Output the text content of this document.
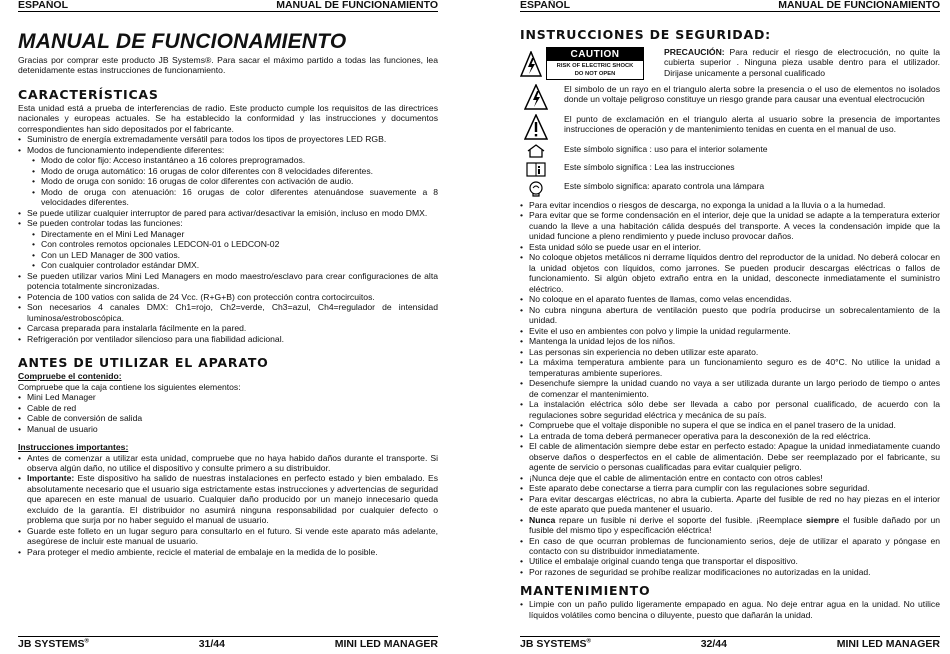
ESPAÑOL	MANUAL DE FUNCIONAMIENTO
MANUAL DE FUNCIONAMIENTO

Gracias por comprar este producto JB Systems®. Para sacar el máximo partido a todas las funciones, lea detenidamente estas instrucciones de funcionamiento.

CARACTERÍSTICAS

Esta unidad está a prueba de interferencias de radio. Este producto cumple los requisitos de las directrices nacionales y europeas actuales. Se ha establecido la conformidad y las instrucciones y documentos correspondientes han sido depositados por el fabricante.

• Suministro de energía extremadamente versátil para todos los tipos de proyectores LED RGB.
• Modos de funcionamiento independiente diferentes:
• Modo de color fijo: Acceso instantáneo a 16 colores preprogramados.
• Modo de oruga automático: 16 orugas de color diferentes con 8 velocidades diferentes.
• Modo de oruga con sonido: 16 orugas de color diferentes con activación de audio.
• Modo de oruga con atenuación: 16 orugas de color diferentes atenuándose suavemente a 8 velocidades diferentes.
• Se puede utilizar cualquier interruptor de pared para activar/desactivar la emisión, incluso en modo DMX.
• Se pueden controlar todas las funciones:
• Directamente en el Mini Led Manager
• Con controles remotos opcionales LEDCON-01 o LEDCON-02
• Con un LED Manager de 300 vatios.
• Con cualquier controlador estándar DMX.
• Se pueden utilizar varios Mini Led Managers en modo maestro/esclavo para crear configuraciones de alta potencia totalmente sincronizadas.
• Potencia de 100 vatios con salida de 24 Vcc. (R+G+B) con protección contra cortocircuitos.
• Son necesarios 4 canales DMX: Ch1=rojo, Ch2=verde, Ch3=azul, Ch4=regulador de intensidad luminosa/estroboscópica.
• Carcasa preparada para instalarla fácilmente en la pared.
• Refrigeración por ventilador silencioso para una fiabilidad adicional.
ANTES DE UTILIZAR EL APARATO
Compruebe el contenido:

Compruebe que la caja contiene los siguientes elementos:

• Mini Led Manager
• Cable de red
• Cable de conversión de salida
• Manual de usuario
Instrucciones importantes:
• Antes de comenzar a utilizar esta unidad, compruebe que no haya habido daños durante el transporte. Si observa algún daño, no utilice el dispositivo y consulte primero a su distribuidor.
• Importante: Este dispositivo ha salido de nuestras instalaciones en perfecto estado y bien embalado. Es absolutamente necesario que el usuario siga estrictamente estas instrucciones y advertencias de seguridad que aparecen en este manual de usuario. Cualquier daño producido por un manejo innecesario queda excluido de la garantía. El distribuidor no asumirá ninguna responsabilidad por cualquier defecto o problema que surja por no haber seguido el manual de usuario.
• Guarde este folleto en un lugar seguro para consultarlo en el futuro. Si vende este aparato más adelante, asegúrese de incluir este manual de usuario.
• Para proteger el medio ambiente, recicle el material de embalaje en la medida de lo posible.
JB SYSTEMS®	31/44	MINI LED MANAGER
ESPAÑOL	MANUAL DE FUNCIONAMIENTO
INSTRUCCIONES DE SEGURIDAD:
CAUTION
RISK OF ELECTRIC SHOCK
DO NOT OPEN

PRECAUCIÓN: Para reducir el riesgo de electrocución, no quite la cubierta superior . Ninguna pieza usable dentro para el utilizador. Dirijase unicamente a personal cualificado

El simbolo de un rayo en el triangulo alerta sobre la presencia o el uso de elementos no isolados donde un voltaje peligroso constituye un riesgo grande para causar una eventual electrocución

El punto de exclamación en el triangulo alerta al usuario sobre la presencia de importantes instrucciones de operación y de mantenimiento tenidas en cuenta en el manual de uso.

Este símbolo significa : uso para el interior solamente

Este símbolo significa : Lea las instrucciones

Este símbolo significa: aparato controla una lámpara

• Para evitar incendios o riesgos de descarga, no exponga la unidad a la lluvia o a la humedad.
• Para evitar que se forme condensación en el interior, deje que la unidad se adapte a la temperatura exterior cuando la lleve a una habitación cálida después del transporte. A veces la condensación impide que la unidad funcione a pleno rendimiento y puede incluso provocar daños.
• Esta unidad sólo se puede usar en el interior.
• No coloque objetos metálicos ni derrame líquidos dentro del reproductor de la unidad. No deberá colocar en la unidad objetos con líquidos, como jarrones. Se pueden producir descargas eléctricas o fallos de funcionamiento. Si algún objeto extraño entra en la unidad, desconecte inmediatamente el suministro eléctrico.
• No coloque en el aparato fuentes de llamas, como velas encendidas.
• No cubra ninguna abertura de ventilación puesto que podría producirse un sobrecalentamiento de la unidad.
• Evite el uso en ambientes con polvo y limpie la unidad regularmente.
• Mantenga la unidad lejos de los niños.
• Las personas sin experiencia no deben utilizar este aparato.
• La máxima temperatura ambiente para un funcionamiento seguro es de 40°C. No utilice la unidad a temperaturas ambiente superiores.
• Desenchufe siempre la unidad cuando no vaya a ser utilizada durante un largo periodo de tiempo o antes de comenzar el mantenimiento.
• La instalación eléctrica sólo debe ser llevada a cabo por personal cualificado, de acuerdo con la regulaciones sobre seguridad eléctrica y mecánica de su país.
• Compruebe que el voltaje disponible no supera el que se indica en el panel trasero de la unidad.
• La entrada de toma deberá permanecer operativa para la desconexión de la red eléctrica.
• El cable de alimentación siempre debe estar en perfecto estado: Apague la unidad inmediatamente cuando observe daños o desperfectos en el cable de alimentación. Debe ser reemplazado por el fabricante, su agente de servicio o personas cualificadas para evitar cualquier peligro.
• ¡Nunca deje que el cable de alimentación entre en contacto con otros cables!
• Este aparato debe conectarse a tierra para cumplir con las regulaciones sobre seguridad.
• Para evitar descargas eléctricas, no abra la cubierta. Aparte del fusible de red no hay piezas en el interior de este aparato que pueda mantener el usuario.
• Nunca repare un fusible ni derive el soporte del fusible. ¡Reemplace siempre el fusible dañado por un fusible del mismo tipo y especificación eléctrica!
• En caso de que ocurran problemas de funcionamiento serios, deje de utilizar el aparato y póngase en contacto con su distribuidor inmediatamente.
• Utilice el embalaje original cuando tenga que transportar el dispositivo.
• Por razones de seguridad se prohíbe realizar modificaciones no autorizadas en la unidad.
MANTENIMIENTO
• Limpie con un paño pulido ligeramente empapado en agua. No deje entrar agua en la unidad. No utilice líquidos volátiles como bencina o diluyente, puesto que dañarán la unidad.
JB SYSTEMS®	32/44	MINI LED MANAGER
